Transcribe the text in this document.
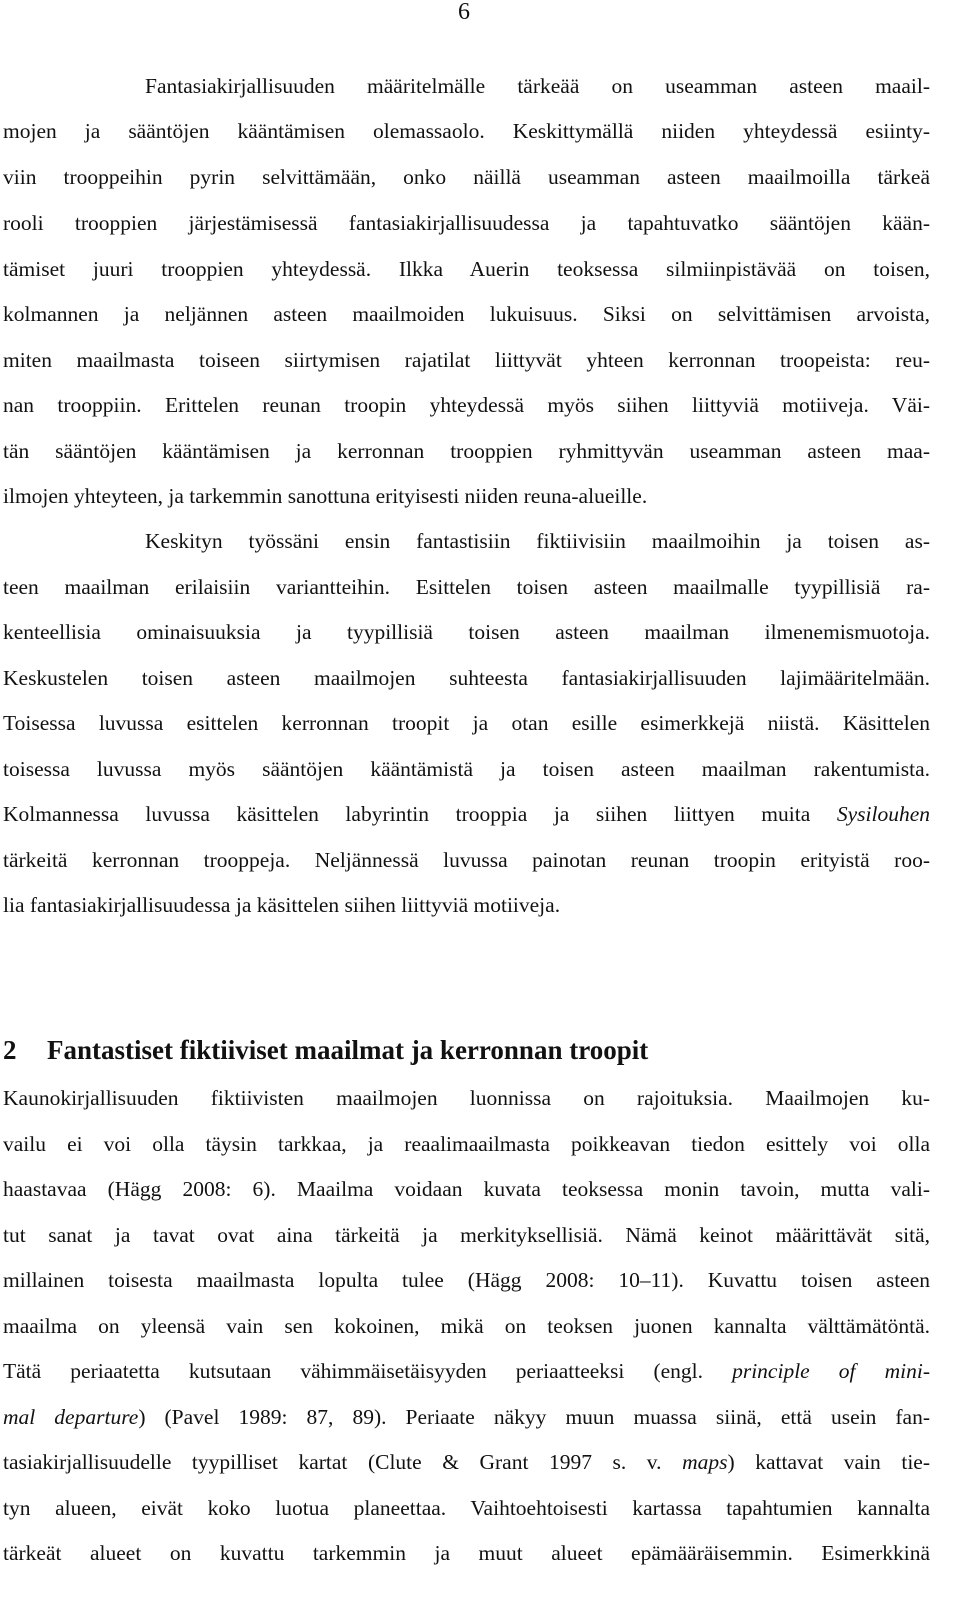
6
Fantasiakirjallisuuden määritelmälle tärkeää on useamman asteen maail-
mojen ja sääntöjen kääntämisen olemassaolo. Keskittymällä niiden yhteydessä esiinty-
viin trooppeihin pyrin selvittämään, onko näillä useamman asteen maailmoilla tärkeä
rooli trooppien järjestämisessä fantasiakirjallisuudessa ja tapahtuvatko sääntöjen kään-
tämiset juuri trooppien yhteydessä. Ilkka Auerin teoksessa silmiinpistävää on toisen,
kolmannen ja neljännen asteen maailmoiden lukuisuus. Siksi on selvittämisen arvoista,
miten maailmasta toiseen siirtymisen rajatilat liittyvät yhteen kerronnan troopeista: reu-
nan trooppiin. Erittelen reunan troopin yhteydessä myös siihen liittyviä motiiveja. Väi-
tän sääntöjen kääntämisen ja kerronnan trooppien ryhmittyvän useamman asteen maa-
ilmojen yhteyteen, ja tarkemmin sanottuna erityisesti niiden reuna-alueille.
Keskityn työssäni ensin fantastisiin fiktiivisiin maailmoihin ja toisen as-
teen maailman erilaisiin variantteihin. Esittelen toisen asteen maailmalle tyypillisiä ra-
kenteellisia ominaisuuksia ja tyypillisiä toisen asteen maailman ilmenemismuotoja.
Keskustelen toisen asteen maailmojen suhteesta fantasiakirjallisuuden lajimääritelmään.
Toisessa luvussa esittelen kerronnan troopit ja otan esille esimerkkejä niistä. Käsittelen
toisessa luvussa myös sääntöjen kääntämistä ja toisen asteen maailman rakentumista.
Kolmannessa luvussa käsittelen labyrintin trooppia ja siihen liittyen muita Sysilouhen
tärkeitä kerronnan trooppeja. Neljännessä luvussa painotan reunan troopin erityistä roo-
lia fantasiakirjallisuudessa ja käsittelen siihen liittyviä motiiveja.
2 Fantastiset fiktiiviset maailmat ja kerronnan troopit
Kaunokirjallisuuden fiktiivisten maailmojen luonnissa on rajoituksia. Maailmojen ku-
vailu ei voi olla täysin tarkkaa, ja reaalimaailmasta poikkeavan tiedon esittely voi olla
haastavaa (Hägg 2008: 6). Maailma voidaan kuvata teoksessa monin tavoin, mutta vali-
tut sanat ja tavat ovat aina tärkeitä ja merkityksellisiä. Nämä keinot määrittävät sitä,
millainen toisesta maailmasta lopulta tulee (Hägg 2008: 10–11). Kuvattu toisen asteen
maailma on yleensä vain sen kokoinen, mikä on teoksen juonen kannalta välttämätöntä.
Tätä periaatetta kutsutaan vähimmäisetäisyyden periaatteeksi (engl. principle of mini-
mal departure) (Pavel 1989: 87, 89). Periaate näkyy muun muassa siinä, että usein fan-
tasiakirjallisuudelle tyypilliset kartat (Clute & Grant 1997 s. v. maps) kattavat vain tie-
tyn alueen, eivät koko luotua planeettaa. Vaihtoehtoisesti kartassa tapahtumien kannalta
tärkeät alueet on kuvattu tarkemmin ja muut alueet epämääräisemmin. Esimerkkinä
